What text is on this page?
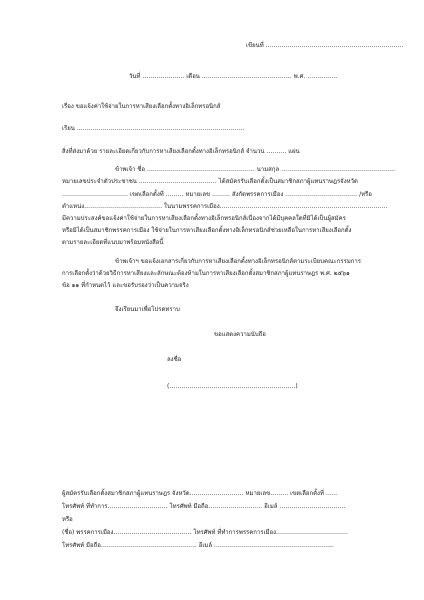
เขียนที่ ……………………………………………………………
วันที่ ………………… เดือน ……………………………………… พ.ศ. ……………
เรื่อง ขอแจ้งค่าใช้จ่ายในการหาเสียงเลือกตั้งทางอิเล็กทรอนิกส์
เรียน …………………………………………………………………………
สิ่งที่ส่งมาด้วย รายละเอียดเกี่ยวกับการหาเสียงเลือกตั้งทางอิเล็กทรอนิกส์ จำนวน ………. แผ่น
ข้าพเจ้า ชื่อ ……………………………………………… นามสกุล …………………………………………………
หมายเลขประจำตัวประชาชน ………………………………… ได้สมัครรับเลือกตั้งเป็นสมาชิกสภาผู้แทนราษฎรจังหวัด
…………………………… เขตเลือกตั้งที่ ……… หมายเลข ……… สังกัดพรรคการเมือง ……………………………… /หรือ
ตำแหน่ง………………………………… ในนามพรรคการเมือง…………………………………………………………………………
มีความประสงค์ขอแจ้งค่าใช้จ่ายในการหาเสียงเลือกตั้งทางอิเล็กทรอนิกส์เนื่องจากได้มีบุคคลใดที่มิได้เป็นผู้สมัคร
หรือมิได้เป็นสมาชิกพรรคการเมือง ใช้จ่ายในการหาเสียงเลือกตั้งทางอิเล็กทรอนิกส์ช่วยเหลือในการหาเสียงเลือกตั้ง
ตามรายละเอียดที่แนบมาพร้อมหนังสือนี้
ข้าพเจ้าฯ ขอแจ้งเอกสารเกี่ยวกับการหาเสียงเลือกตั้งทางอิเล็กทรอนิกส์ตามระเบียบคณะกรรมการ
การเลือกตั้งว่าด้วยวิธีการหาเสียงและลักษณะต้องห้ามในการหาเสียงเลือกตั้งสมาชิกสภาผู้แทนราษฎร พ.ศ. ๒๕๖๑
ข้อ ๑๑ ที่กำหนดไว้ และขอรับรองว่าเป็นความจริง
จึงเรียนมาเพื่อโปรดทราบ
ขอแสดงความนับถือ
ลงชื่อ
(………………………………………………………)
ผู้สมัครรับเลือกตั้งสมาชิกสภาผู้แทนราษฎร จังหวัด……………………… หมายเลข……… เขตเลือกตั้งที่ ……
โทรศัพท์ ที่ทำการ………………………… โทรศัพท์ มือถือ……………………… อีเมล์ ……………………………
หรือ
(ชื่อ) พรรคการเมือง………………………………… โทรศัพท์ ที่ทำการพรรคการเมือง………………………………
โทรศัพท์ มือถือ………………………………………… อีเมล์ ……………………………………………………
